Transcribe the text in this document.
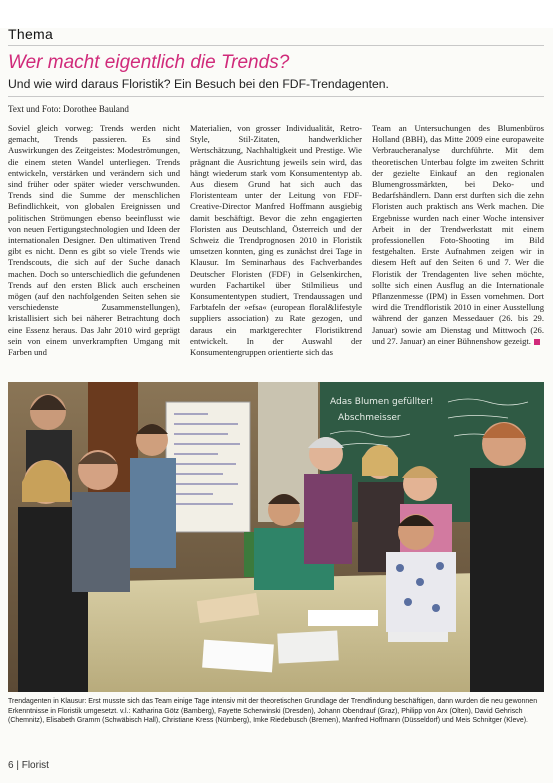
Thema
Wer macht eigentlich die Trends?
Und wie wird daraus Floristik? Ein Besuch bei den FDF-Trendagenten.
Text und Foto: Dorothee Bauland

Soviel gleich vorweg: Trends werden nicht gemacht, Trends passieren. Es sind Auswirkungen des Zeitgeistes: Modeströmungen, die einem steten Wandel unterliegen. Trends entwickeln, verstärken und verändern sich und sind früher oder später wieder verschwunden. Trends sind die Summe der menschlichen Befindlichkeit, von globalen Ereignissen und politischen Strömungen ebenso beeinflusst wie von neuen Fertigungstechnologien und Ideen der internationalen Designer. Den ultimativen Trend gibt es nicht. Denn es gibt so viele Trends wie Trendscouts, die sich auf der Suche danach machen. Doch so unterschiedlich die gefundenen Trends auf den ersten Blick auch erscheinen mögen (auf den nachfolgenden Seiten sehen sie verschiedenste Zusammenstellungen), kristallisiert sich bei näherer Betrachtung doch eine Essenz heraus. Das Jahr 2010 wird geprägt sein von einem unverkrampften Umgang mit Farben und

Materialien, von grosser Individualität, Retro-Style, Stil-Zitaten, handwerklicher Wertschätzung, Nachhaltigkeit und Prestige. Wie prägnant die Ausrichtung jeweils sein wird, das hängt wiederum stark vom Konsumententyp ab. Aus diesem Grund hat sich auch das Floristenteam unter der Leitung von FDF-Creative-Director Manfred Hoffmann ausgiebig damit beschäftigt. Bevor die zehn engagierten Floristen aus Deutschland, Österreich und der Schweiz die Trendprognosen 2010 in Floristik umsetzen konnten, ging es zunächst drei Tage in Klausur. Im Seminarhaus des Fachverbandes Deutscher Floristen (FDF) in Gelsenkirchen, wurden Fachartikel über Stilmilieus und Konsumententypen studiert, Trendaussagen und Farbtafeln der »efsa« (european floral&lifestyle suppliers association) zu Rate gezogen, und daraus ein marktgerechter Floristiktrend entwickelt. In der Auswahl der Konsumentengruppen orientierte sich das

Team an Untersuchungen des Blumenbüros Holland (BBH), das Mitte 2009 eine europaweite Verbraucheranalyse durchführte. Mit dem theoretischen Unterbau folgte im zweiten Schritt der gezielte Einkauf an den regionalen Blumengrossmärkten, bei Deko- und Bedarfshändlern. Dann erst durften sich die zehn Floristen auch praktisch ans Werk machen. Die Ergebnisse wurden nach einer Woche intensiver Arbeit in der Trendwerkstatt mit einem professionellen Foto-Shooting im Bild festgehalten. Erste Aufnahmen zeigen wir in diesem Heft auf den Seiten 6 und 7. Wer die Floristik der Trendagenten live sehen möchte, sollte sich einen Ausflug an die Internationale Pflanzenmesse (IPM) in Essen vornehmen. Dort wird die Trendfloristik 2010 in einer Ausstellung während der ganzen Messedauer (26. bis 29. Januar) sowie am Dienstag und Mittwoch (26. und 27. Januar) an einer Bühnenshow gezeigt.

Adas Blumen gefüllter!
Abschmeisser
Trendagenten in Klausur: Erst musste sich das Team einige Tage intensiv mit der theoretischen Grundlage der Trendfindung beschäftigen, dann wurden die neu gewonnen Erkenntnisse in Floristik umgesetzt. v.l.: Katharina Götz (Bamberg), Fayette Scherwinski (Dresden), Johann Obendrauf (Graz), Philipp von Arx (Olten), David Gehrisch (Chemnitz), Elisabeth Gramm (Schwäbisch Hall), Christiane Kress (Nürnberg), Imke Riedebusch (Bremen), Manfred Hoffmann (Düsseldorf) und Meis Schnitger (Kleve).
6 | Florist
